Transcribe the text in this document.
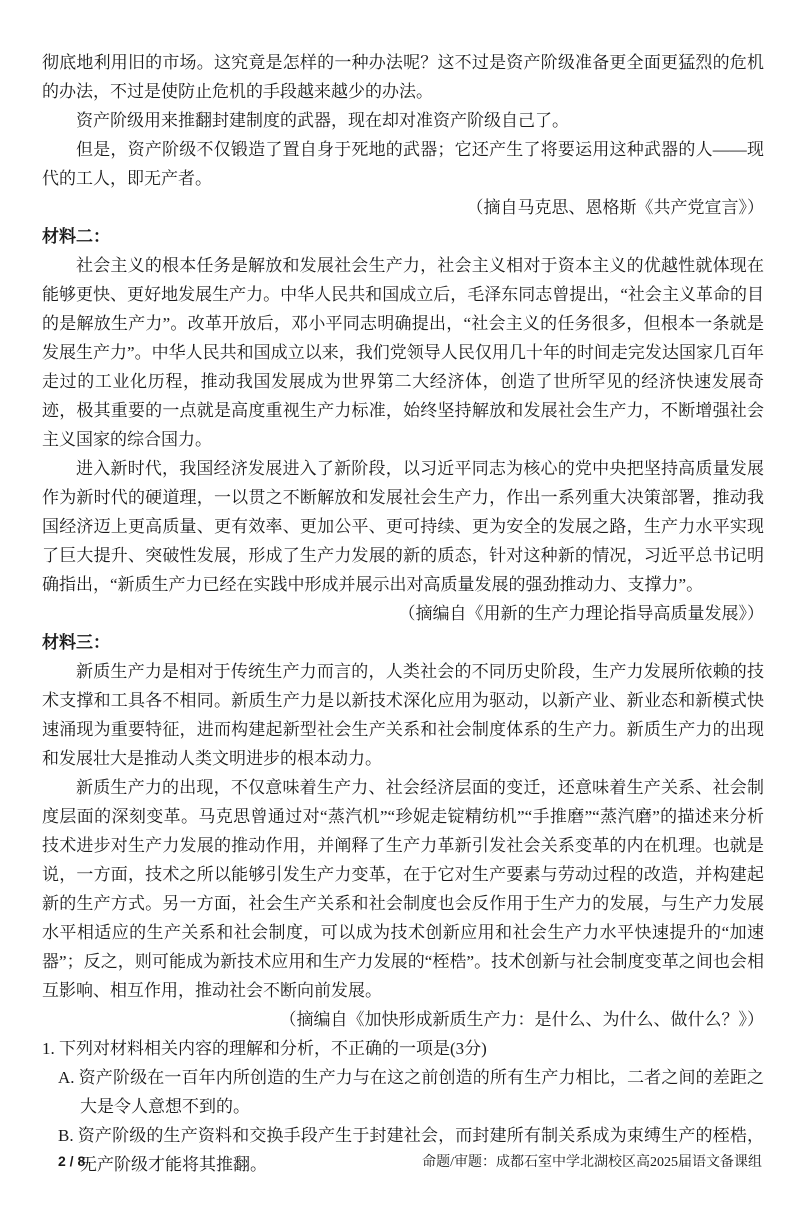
彻底地利用旧的市场。这究竟是怎样的一种办法呢？这不过是资产阶级准备更全面更猛烈的危机的办法，不过是使防止危机的手段越来越少的办法。

资产阶级用来推翻封建制度的武器，现在却对准资产阶级自己了。

但是，资产阶级不仅锻造了置自身于死地的武器；它还产生了将要运用这种武器的人——现代的工人，即无产者。

（摘自马克思、恩格斯《共产党宣言》）

材料二：

社会主义的根本任务是解放和发展社会生产力，社会主义相对于资本主义的优越性就体现在能够更快、更好地发展生产力。中华人民共和国成立后，毛泽东同志曾提出，“社会主义革命的目的是解放生产力”。改革开放后，邓小平同志明确提出，“社会主义的任务很多，但根本一条就是发展生产力”。中华人民共和国成立以来，我们党领导人民仅用几十年的时间走完发达国家几百年走过的工业化历程，推动我国发展成为世界第二大经济体，创造了世所罕见的经济快速发展奇迹，极其重要的一点就是高度重视生产力标准，始终坚持解放和发展社会生产力，不断增强社会主义国家的综合国力。

进入新时代，我国经济发展进入了新阶段，以习近平同志为核心的党中央把坚持高质量发展作为新时代的硬道理，一以贯之不断解放和发展社会生产力，作出一系列重大决策部署，推动我国经济迈上更高质量、更有效率、更加公平、更可持续、更为安全的发展之路，生产力水平实现了巨大提升、突破性发展，形成了生产力发展的新的质态，针对这种新的情况，习近平总书记明确指出，“新质生产力已经在实践中形成并展示出对高质量发展的强劲推动力、支撑力”。

（摘编自《用新的生产力理论指导高质量发展》）

材料三：

新质生产力是相对于传统生产力而言的，人类社会的不同历史阶段，生产力发展所依赖的技术支撑和工具各不相同。新质生产力是以新技术深化应用为驱动，以新产业、新业态和新模式快速涌现为重要特征，进而构建起新型社会生产关系和社会制度体系的生产力。新质生产力的出现和发展壮大是推动人类文明进步的根本动力。

新质生产力的出现，不仅意味着生产力、社会经济层面的变迁，还意味着生产关系、社会制度层面的深刻变革。马克思曾通过对“蒸汽机”“珍妮走锭精纺机”“手推磨”“蒸汽磨”的描述来分析技术进步对生产力发展的推动作用，并阐释了生产力革新引发社会关系变革的内在机理。也就是说，一方面，技术之所以能够引发生产力变革，在于它对生产要素与劳动过程的改造，并构建起新的生产方式。另一方面，社会生产关系和社会制度也会反作用于生产力的发展，与生产力发展水平相适应的生产关系和社会制度，可以成为技术创新应用和社会生产力水平快速提升的“加速器”；反之，则可能成为新技术应用和生产力发展的“桎梏”。技术创新与社会制度变革之间也会相互影响、相互作用，推动社会不断向前发展。

（摘编自《加快形成新质生产力：是什么、为什么、做什么？》）

1. 下列对材料相关内容的理解和分析，不正确的一项是(3分)

A. 资产阶级在一百年内所创造的生产力与在这之前创造的所有生产力相比，二者之间的差距之大是令人意想不到的。

B. 资产阶级的生产资料和交换手段产生于封建社会，而封建所有制关系成为束缚生产的桎梏，无产阶级才能将其推翻。

2 / 8	命题/审题：成都石室中学北湖校区高2025届语文备课组
